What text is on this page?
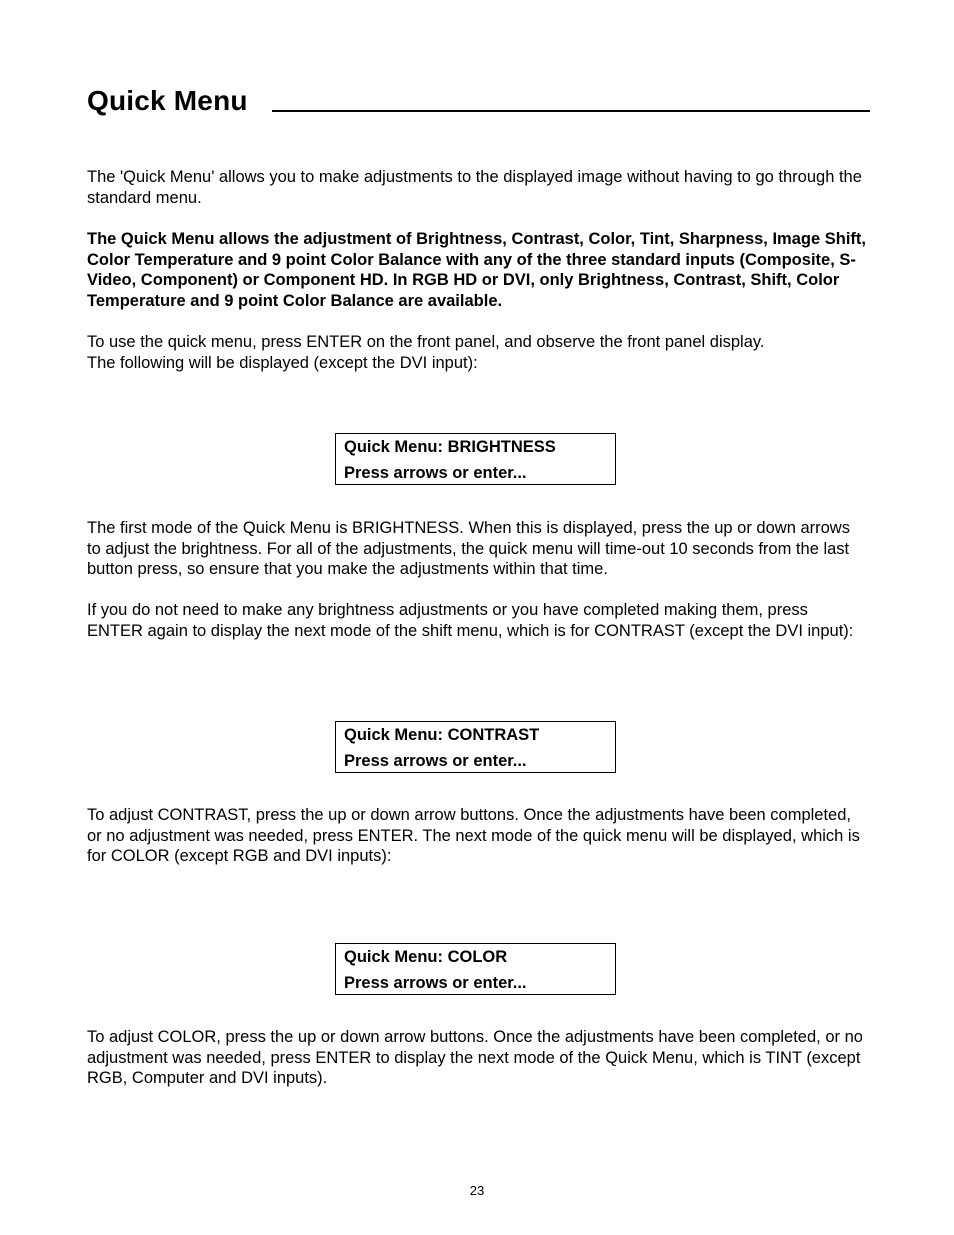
Quick Menu

The 'Quick Menu' allows you to make adjustments to the displayed image without having to go through the standard menu.

The Quick Menu allows the adjustment of Brightness, Contrast, Color, Tint, Sharpness, Image Shift, Color Temperature and 9 point Color Balance with any of the three standard inputs (Composite, S-Video, Component) or Component HD. In RGB HD or DVI, only Brightness, Contrast, Shift, Color Temperature and 9 point Color Balance are available.

To use the quick menu, press ENTER on the front panel, and observe the front panel display.

The following will be displayed (except the DVI input):

Quick Menu: BRIGHTNESS
Press arrows or enter...

The first mode of the Quick Menu is BRIGHTNESS. When this is displayed, press the up or down arrows to adjust the brightness. For all of the adjustments, the quick menu will time-out 10 seconds from the last button press, so ensure that you make the adjustments within that time.

If you do not need to make any brightness adjustments or you have completed making them, press ENTER again to display the next mode of the shift menu, which is for CONTRAST (except the DVI input):

Quick Menu: CONTRAST
Press arrows or enter...

To adjust CONTRAST, press the up or down arrow buttons. Once the adjustments have been completed, or no adjustment was needed, press ENTER. The next mode of the quick menu will be displayed, which is for COLOR (except RGB and DVI inputs):

Quick Menu: COLOR
Press arrows or enter...

To adjust COLOR, press the up or down arrow buttons. Once the adjustments have been completed, or no adjustment was needed, press ENTER to display the next mode of the Quick Menu, which is TINT (except RGB, Computer and DVI inputs).

23
